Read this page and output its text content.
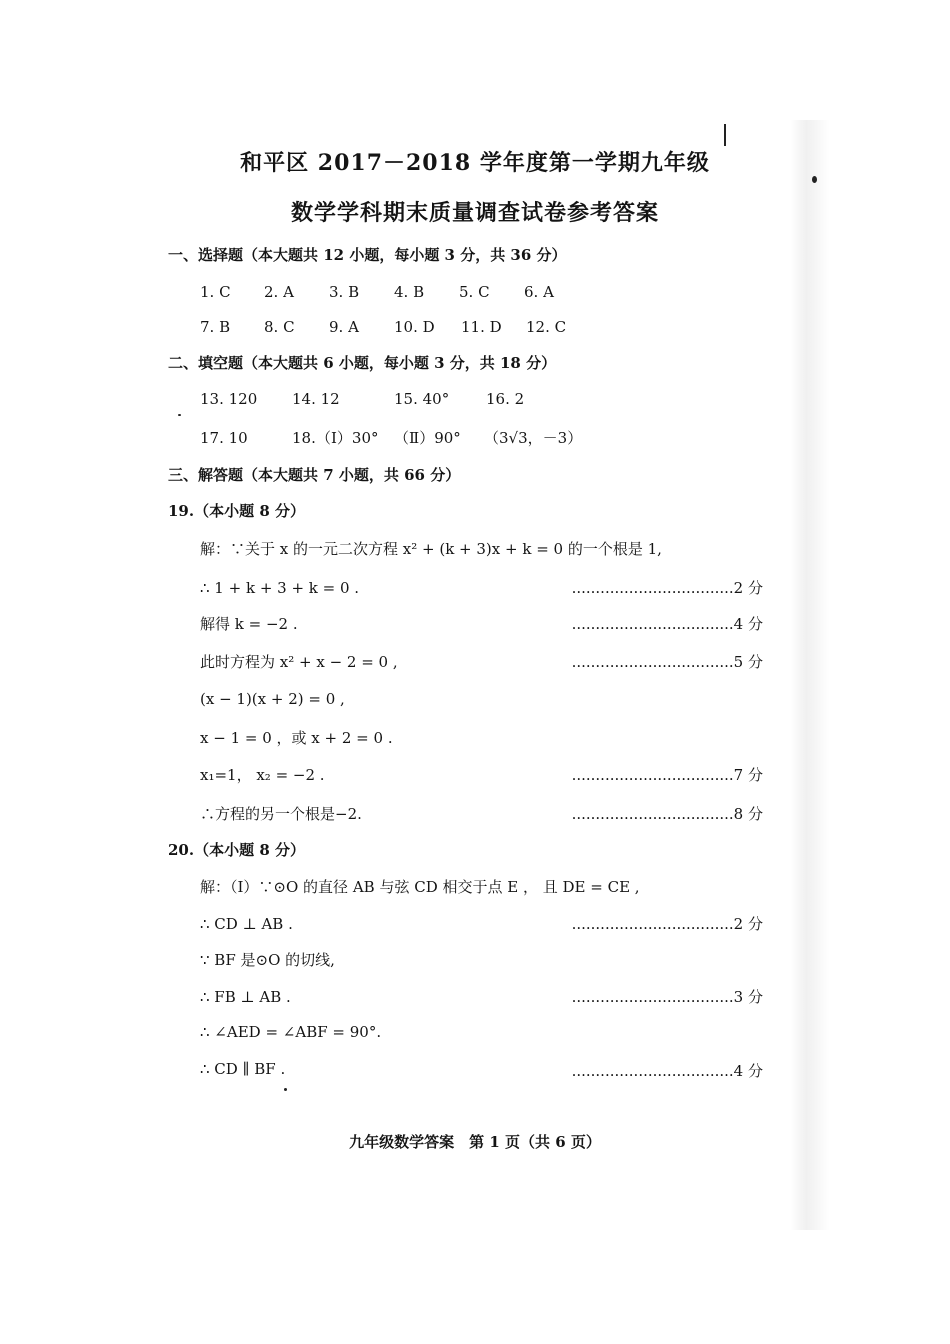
和平区 2017－2018 学年度第一学期九年级
数学学科期末质量调查试卷参考答案
一、选择题（本大题共 12 小题，每小题 3 分，共 36 分）
1. C 2. A 3. B 4. B 5. C 6. A
7. B 8. C 9. A 10. D 11. D 12. C
二、填空题（本大题共 6 小题，每小题 3 分，共 18 分）
13. 120 14. 12	15. 40° 16. 2
17. 10	18. （Ⅰ）30° （Ⅱ）90° （3√3，－3）
三、解答题（本大题共 7 小题，共 66 分）
19.（本小题 8 分）
解：∵关于 x 的一元二次方程 x² + (k + 3)x + k = 0 的一个根是 1,
∴ 1 + k + 3 + k = 0 .	..................................2 分
解得 k = −2 .	..................................4 分
此时方程为 x² + x − 2 = 0 ,	..................................5 分
(x − 1)(x + 2) = 0 ,
x − 1 = 0 ，或 x + 2 = 0 .
x₁=1， x₂ = −2 .	..................................7 分
∴方程的另一个根是−2.	..................................8 分
20.（本小题 8 分）
解：（Ⅰ）∵⊙O 的直径 AB 与弦 CD 相交于点 E ， 且 DE = CE ,
∴ CD ⊥ AB .	..................................2 分
∵ BF 是⊙O 的切线,
∴ FB ⊥ AB .	..................................3 分
∴ ∠AED = ∠ABF = 90°.
∴ CD ∥ BF .	..................................4 分
九年级数学答案　第 1 页（共 6 页）
